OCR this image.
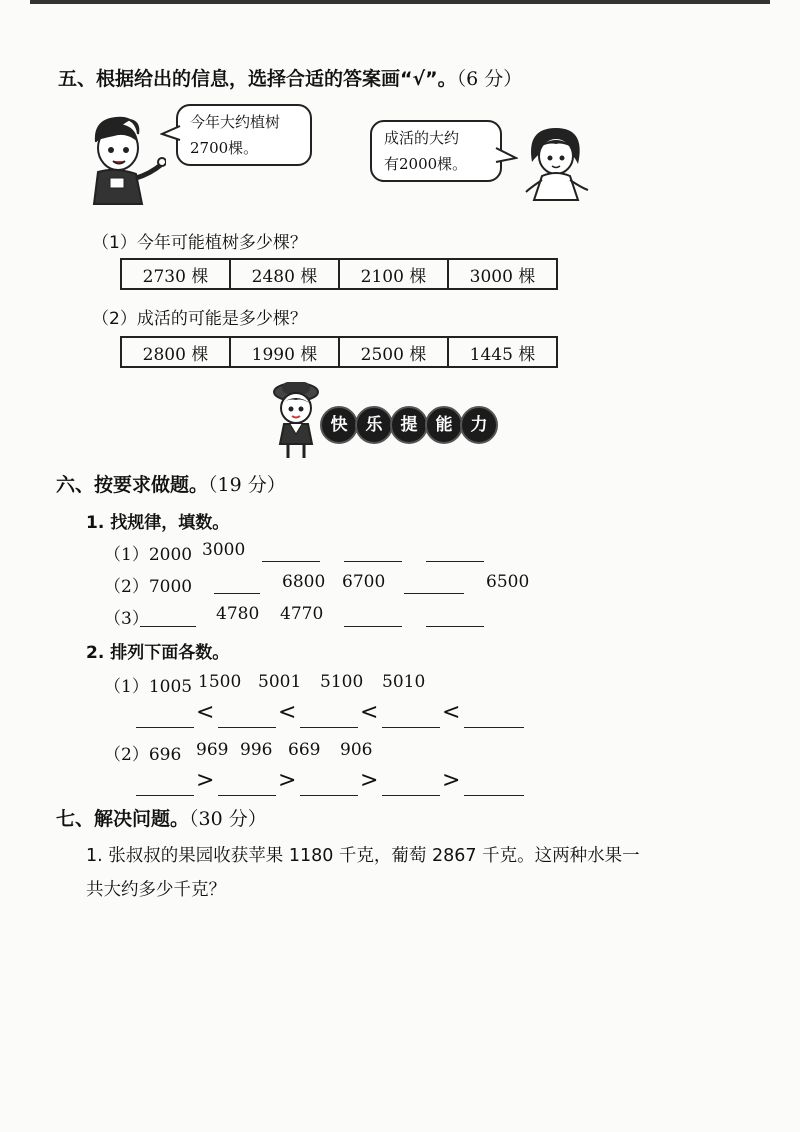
五、根据给出的信息，选择合适的答案画“√”。（6 分）
今年大约植树
2700棵。
成活的大约
有2000棵。
（1）今年可能植树多少棵？
2730 棵	2480 棵	2100 棵	3000 棵
（2）成活的可能是多少棵？
2800 棵	1990 棵	2500 棵	1445 棵
快	乐	提	能	力
六、按要求做题。（19 分）
1. 找规律，填数。
（1）2000 3000
（2）7000	6800 6700	6500
（3）	4780 4770
2. 排列下面各数。
（1）1005 1500 5001 5100 5010
<	<	<	<
（2）696 969 996 669 906
>	>	>	>
七、解决问题。（30 分）
1. 张叔叔的果园收获苹果 1180 千克，葡萄 2867 千克。这两种水果一
共大约多少千克？
